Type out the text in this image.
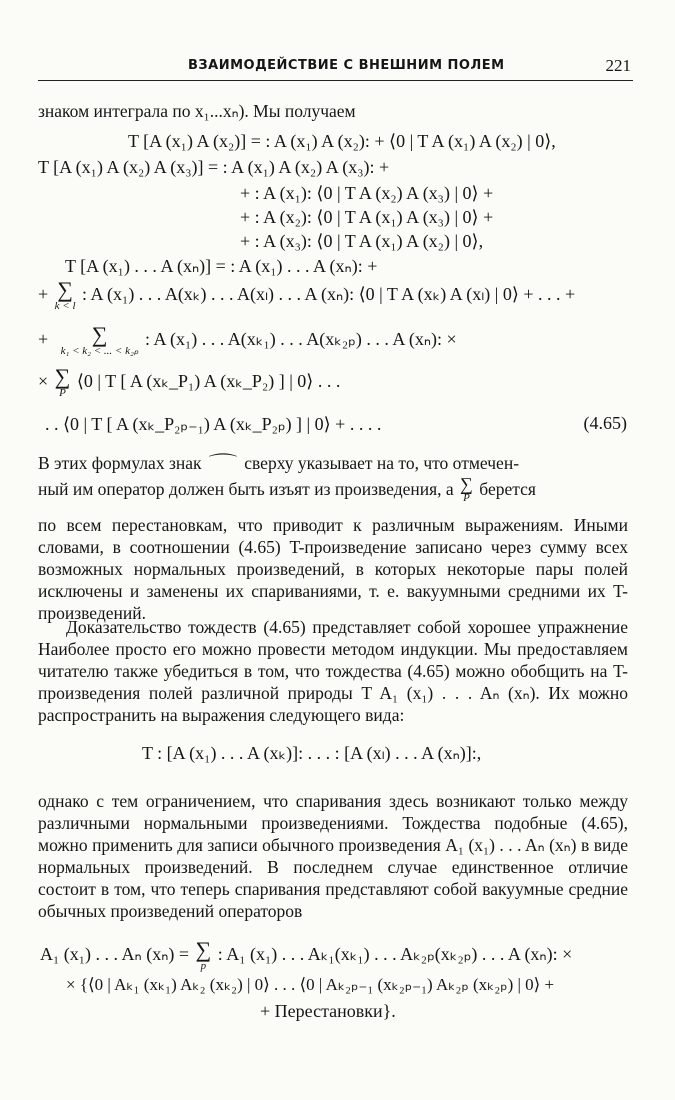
ВЗАИМОДЕЙСТВИЕ С ВНЕШНИМ ПОЛЕМ	221

знаком интеграла по x₁...xₙ). Мы получаем

T [A (x₁) A (x₂)] = : A (x₁) A (x₂): + ⟨0 | T A (x₁) A (x₂) | 0⟩,
T [A (x₁) A (x₂) A (x₃)] = : A (x₁) A (x₂) A (x₃): +
+ : A (x₁): ⟨0 | T A (x₂) A (x₃) | 0⟩ +
+ : A (x₂): ⟨0 | T A (x₁) A (x₃) | 0⟩ +
+ : A (x₃): ⟨0 | T A (x₁) A (x₂) | 0⟩,
T [A (x₁) . . . A (xₙ)] = : A (x₁) . . . A (xₙ): +
+ ∑
k < l
: A (x₁) . . . A(xₖ) . . . A(xₗ) . . . A (xₙ): ⟨0 | T A (xₖ) A (xₗ) | 0⟩ + . . . +
+	∑
k₁ < k₂ < ... < k₂ₚ
: A (x₁) . . . A(xₖ₁) . . . A(xₖ₂ₚ) . . . A (xₙ): ×
× ∑
P
⟨0 | T [ A (xₖ_P₁) A (xₖ_P₂) ] | 0⟩ . . .
. . ⟨0 | T [ A (xₖ_P₂ₚ₋₁) A (xₖ_P₂ₚ) ] | 0⟩ + . . . .	(4.65)
В этих формулах знак ⌒ сверху указывает на то, что отмечен-
ный им оператор должен быть изъят из произведения, а ∑
P берется

по всем перестановкам, что приводит к различным выражениям. Иными словами, в соотношении (4.65) T-произведение записано через сумму всех возможных нормальных произведений, в которых некоторые пары полей исключены и заменены их спариваниями, т. е. вакуумными средними их T-произведений.

Доказательство тождеств (4.65) представляет собой хорошее упражнение Наиболее просто его можно провести методом индукции. Мы предоставляем читателю также убедиться в том, что тождества (4.65) можно обобщить на T-произведения полей различной природы T A₁ (x₁) . . . Aₙ (xₙ). Их можно распространить на выражения следующего вида:

T : [A (x₁) . . . A (xₖ)]: . . . : [A (xₗ) . . . A (xₙ)]:,

однако с тем ограничением, что спаривания здесь возникают только между различными нормальными произведениями. Тождества подобные (4.65), можно применить для записи обычного произведения A₁ (x₁) . . . Aₙ (xₙ) в виде нормальных произведений. В последнем случае единственное отличие состоит в том, что теперь спаривания представляют собой вакуумные средние обычных произведений операторов

A₁ (x₁) . . . Aₙ (xₙ) = ∑
p
: A₁ (x₁) . . . Aₖ₁(xₖ₁) . . . Aₖ₂ₚ(xₖ₂ₚ) . . . A (xₙ): ×
× {⟨0 | Aₖ₁ (xₖ₁) Aₖ₂ (xₖ₂) | 0⟩ . . . ⟨0 | Aₖ₂ₚ₋₁ (xₖ₂ₚ₋₁) Aₖ₂ₚ (xₖ₂ₚ) | 0⟩ +
+ Перестановки}.
